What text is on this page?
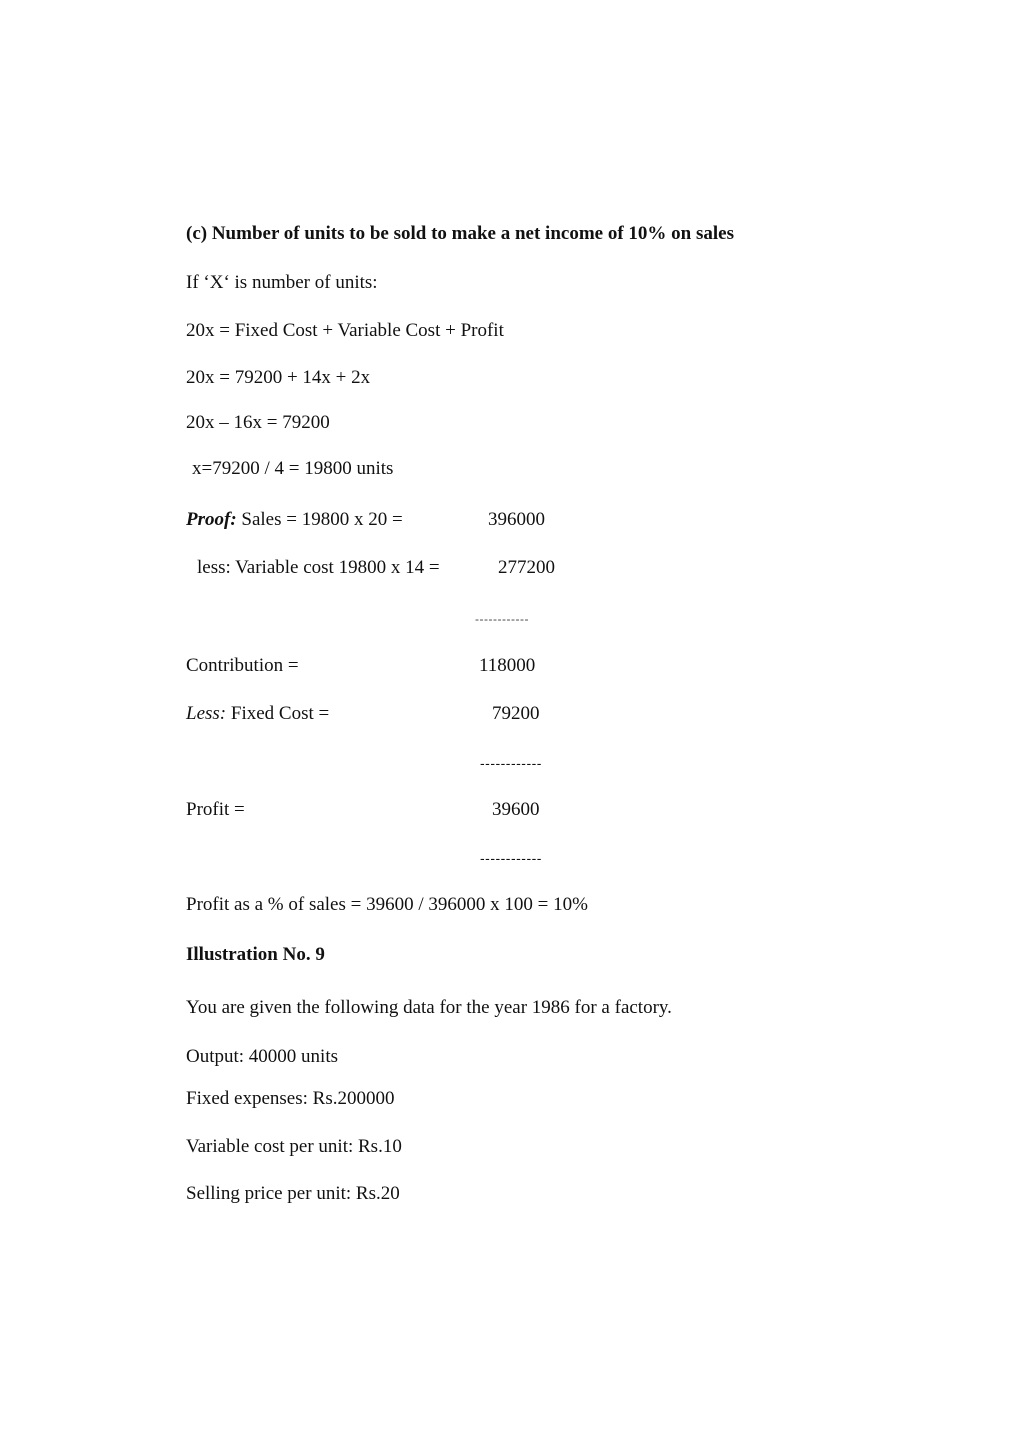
(c) Number of units to be sold to make a net income of 10% on sales
If ‘X‘ is number of units:
20x = Fixed Cost + Variable Cost + Profit
20x = 79200 + 14x + 2x
20x – 16x = 79200
x=79200 / 4 = 19800 units
Proof: Sales = 19800 x 20 =	396000
less: Variable cost 19800 x 14 =	277200
------------
Contribution =	118000
Less: Fixed Cost =	79200
------------
Profit =	39600
------------
Profit as a % of sales = 39600 / 396000 x 100 = 10%
Illustration No. 9
You are given the following data for the year 1986 for a factory.
Output: 40000 units
Fixed expenses: Rs.200000
Variable cost per unit: Rs.10
Selling price per unit: Rs.20
